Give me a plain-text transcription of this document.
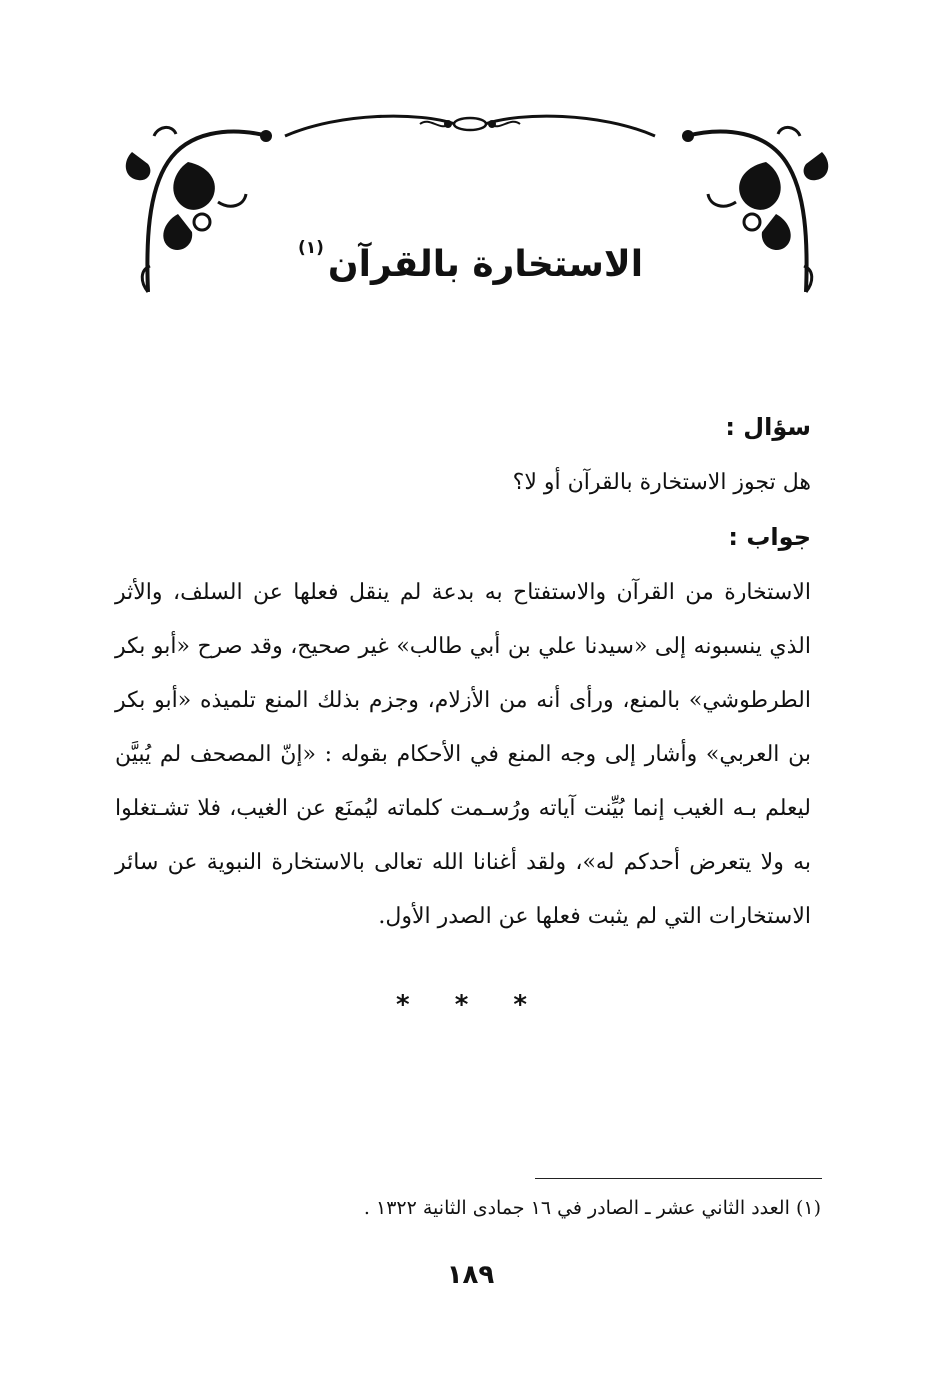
الاستخارة بالقرآن$^{(١)}$

سؤال :

هل تجوز الاستخارة بالقرآن أو لا؟

جواب :

الاستخارة من القرآن والاستفتاح به بدعة لم ينقل فعلها عن السلف، والأثر الذي ينسبونه إلى «سيدنا علي بن أبي طالب» غير صحيح، وقد صرح «أبو بكر الطرطوشي» بالمنع، ورأى أنه من الأزلام، وجزم بذلك المنع تلميذه «أبو بكر بن العربي» وأشار إلى وجه المنع في الأحكام بقوله : «إنّ المصحف لم يُبيَّن ليعلم بـه الغيب إنما بُيِّنت آياته ورُسـمت كلماته ليُمنَع عن الغيب، فلا تشـتغلوا به ولا يتعرض أحدكم له»، ولقد أغنانا الله تعالى بالاستخارة النبوية عن سائر الاستخارات التي لم يثبت فعلها عن الصدر الأول.

* * *
(١) العدد الثاني عشر ـ الصادر في ١٦ جمادى الثانية ١٣٢٢ .
١٨٩
